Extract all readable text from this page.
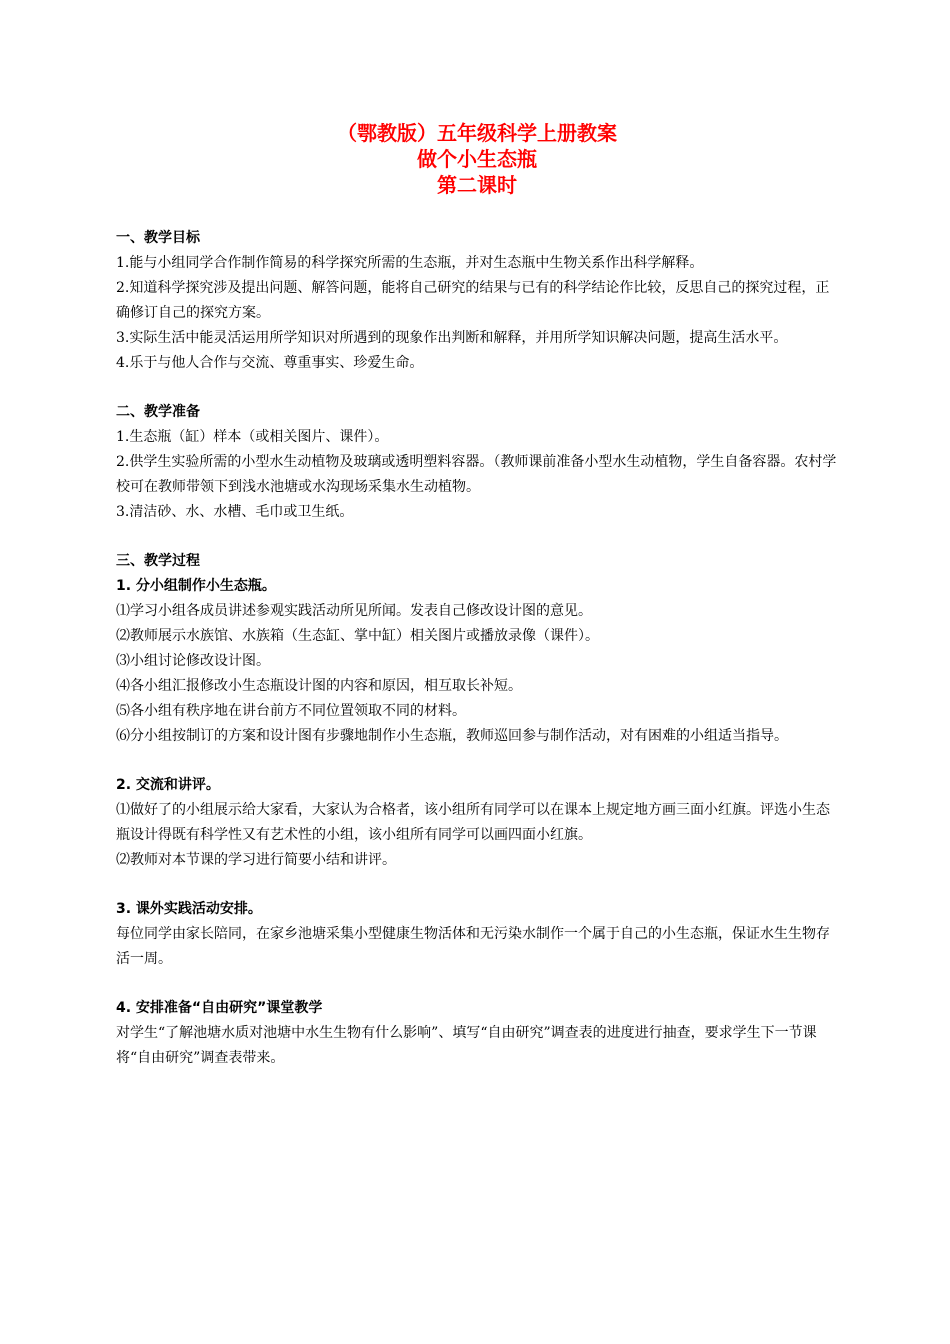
（鄂教版）五年级科学上册教案
做个小生态瓶
第二课时
一、教学目标

1.能与小组同学合作制作简易的科学探究所需的生态瓶，并对生态瓶中生物关系作出科学解释。

2.知道科学探究涉及提出问题、解答问题，能将自己研究的结果与已有的科学结论作比较，反思自己的探究过程，正确修订自己的探究方案。

3.实际生活中能灵活运用所学知识对所遇到的现象作出判断和解释，并用所学知识解决问题，提高生活水平。

4.乐于与他人合作与交流、尊重事实、珍爱生命。

二、教学准备

1.生态瓶（缸）样本（或相关图片、课件）。

2.供学生实验所需的小型水生动植物及玻璃或透明塑料容器。（教师课前准备小型水生动植物，学生自备容器。农村学校可在教师带领下到浅水池塘或水沟现场采集水生动植物。

3.清洁砂、水、水槽、毛巾或卫生纸。

三、教学过程
1. 分小组制作小生态瓶。

⑴学习小组各成员讲述参观实践活动所见所闻。发表自己修改设计图的意见。

⑵教师展示水族馆、水族箱（生态缸、掌中缸）相关图片或播放录像（课件）。

⑶小组讨论修改设计图。

⑷各小组汇报修改小生态瓶设计图的内容和原因，相互取长补短。

⑸各小组有秩序地在讲台前方不同位置领取不同的材料。

⑹分小组按制订的方案和设计图有步骤地制作小生态瓶，教师巡回参与制作活动，对有困难的小组适当指导。

2. 交流和讲评。

⑴做好了的小组展示给大家看，大家认为合格者，该小组所有同学可以在课本上规定地方画三面小红旗。评选小生态瓶设计得既有科学性又有艺术性的小组，该小组所有同学可以画四面小红旗。

⑵教师对本节课的学习进行简要小结和讲评。

3. 课外实践活动安排。

每位同学由家长陪同，在家乡池塘采集小型健康生物活体和无污染水制作一个属于自己的小生态瓶，保证水生生物存活一周。

4. 安排准备“自由研究”课堂教学

对学生“了解池塘水质对池塘中水生生物有什么影响”、填写“自由研究”调查表的进度进行抽查，要求学生下一节课将“自由研究”调查表带来。
